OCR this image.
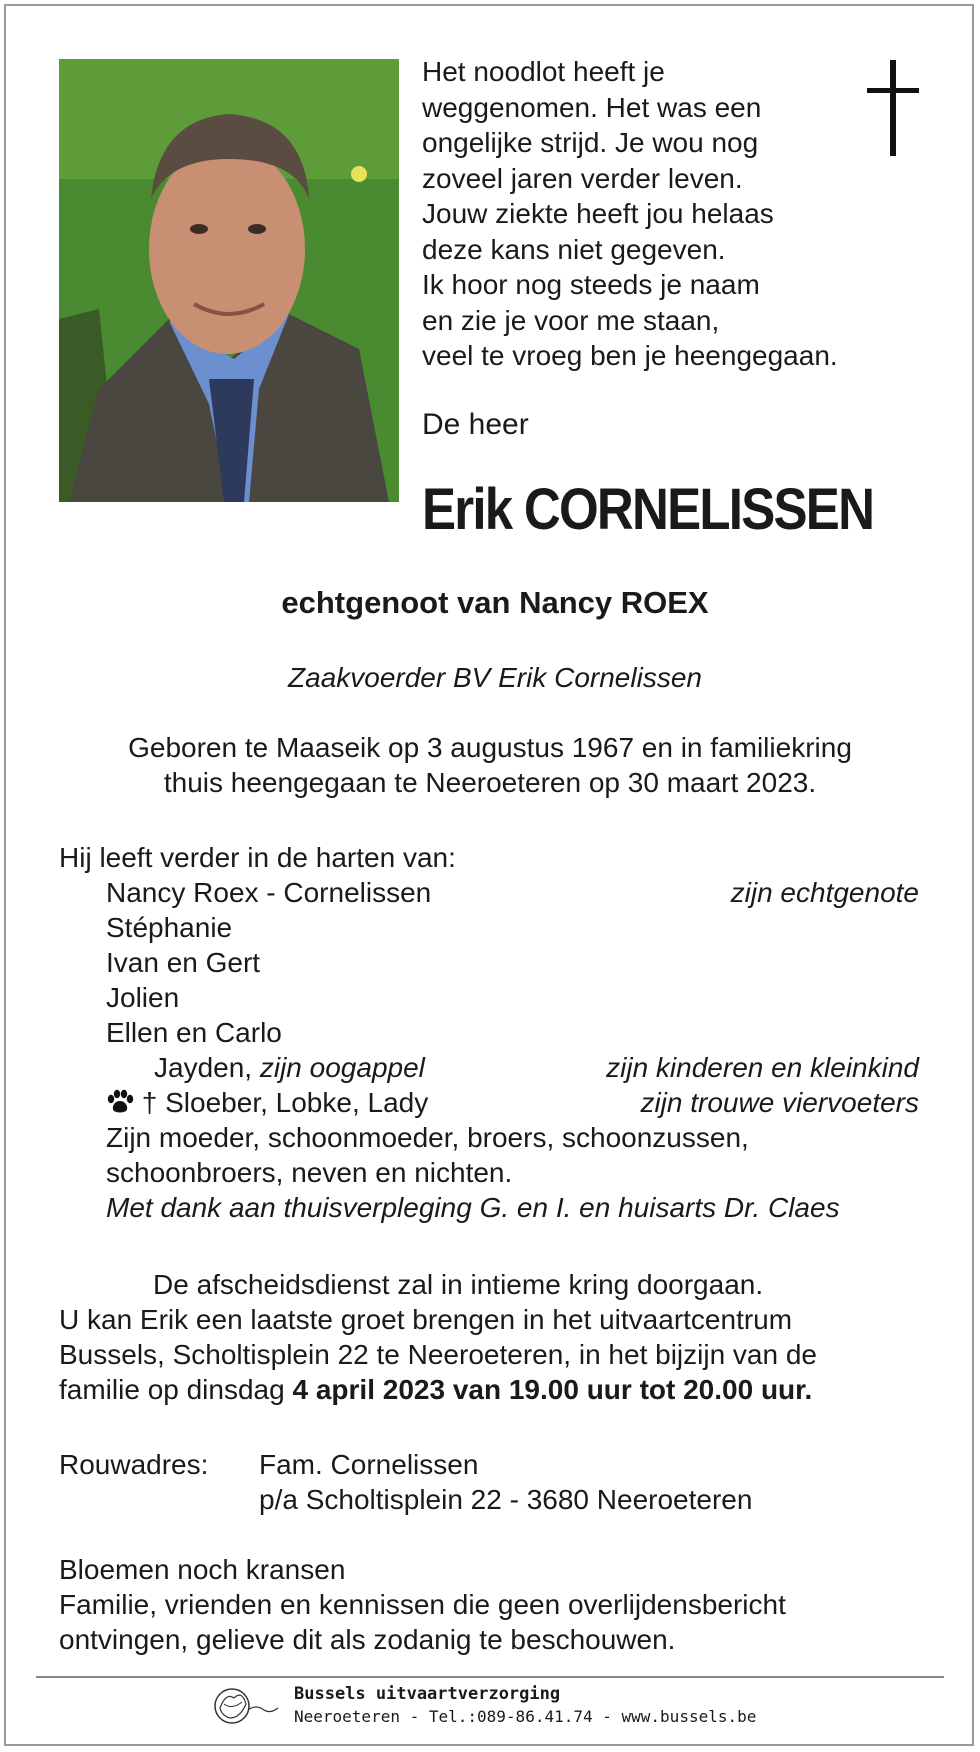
Het noodlot heeft je
weggenomen. Het was een
ongelijke strijd. Je wou nog
zoveel jaren verder leven.
Jouw ziekte heeft jou helaas
deze kans niet gegeven.
Ik hoor nog steeds je naam
en zie je voor me staan,
veel te vroeg ben je heengegaan.
De heer
Erik CORNELISSEN
echtgenoot van Nancy ROEX
Zaakvoerder BV Erik Cornelissen
Geboren te Maaseik op 3 augustus 1967 en in familiekring
thuis heengegaan te Neeroeteren op 30 maart 2023.
Hij leeft verder in de harten van:
Nancy Roex - Cornelissen	zijn echtgenote
Stéphanie
Ivan en Gert
Jolien
Ellen en Carlo
Jayden, zijn oogappel	zijn kinderen en kleinkind
† Sloeber, Lobke, Lady	zijn trouwe viervoeters
Zijn moeder, schoonmoeder, broers, schoonzussen,
schoonbroers, neven en nichten.
Met dank aan thuisverpleging G. en I. en huisarts Dr. Claes
De afscheidsdienst zal in intieme kring doorgaan.
U kan Erik een laatste groet brengen in het uitvaartcentrum
Bussels, Scholtisplein 22 te Neeroeteren, in het bijzijn van de
familie op dinsdag 4 april 2023 van 19.00 uur tot 20.00 uur.
Rouwadres: Fam. Cornelissen
p/a Scholtisplein 22 - 3680 Neeroeteren
Bloemen noch kransen
Familie, vrienden en kennissen die geen overlijdensbericht
ontvingen, gelieve dit als zodanig te beschouwen.
Bussels uitvaartverzorging
Neeroeteren - Tel.:089-86.41.74 - www.bussels.be
